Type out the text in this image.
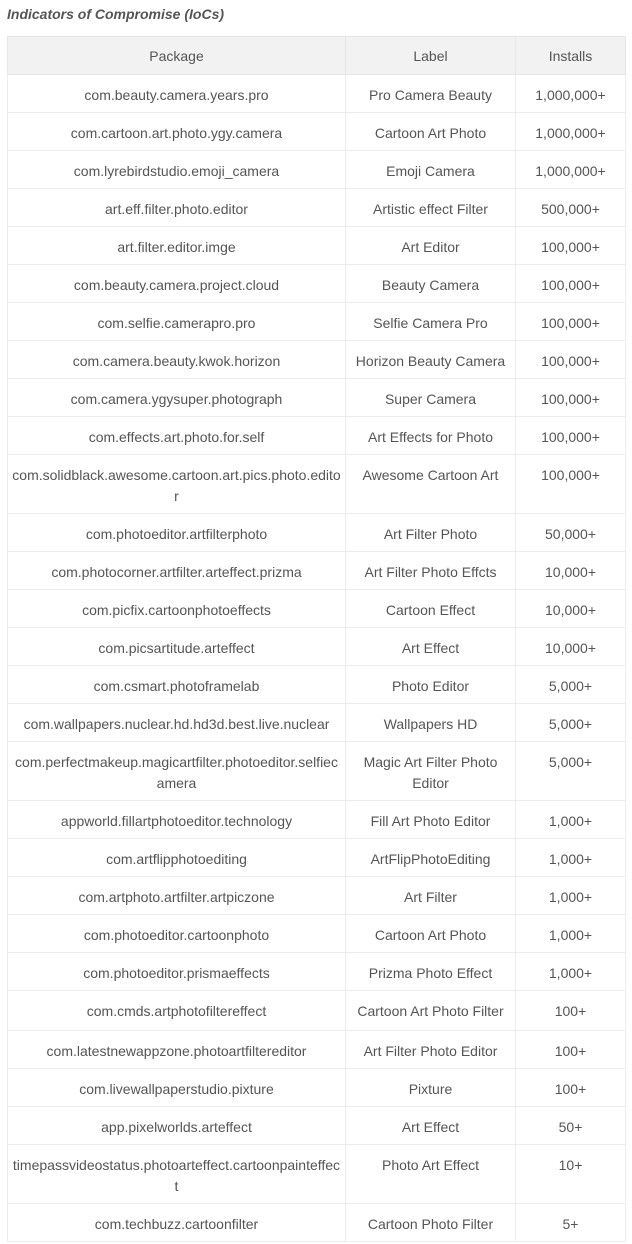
Indicators of Compromise (IoCs)

Package	Label	Installs
com.beauty.camera.years.pro	Pro Camera Beauty	1,000,000+
com.cartoon.art.photo.ygy.camera	Cartoon Art Photo	1,000,000+
com.lyrebirdstudio.emoji_camera	Emoji Camera	1,000,000+
art.eff.filter.photo.editor	Artistic effect Filter	500,000+
art.filter.editor.imge	Art Editor	100,000+
com.beauty.camera.project.cloud	Beauty Camera	100,000+
com.selfie.camerapro.pro	Selfie Camera Pro	100,000+
com.camera.beauty.kwok.horizon	Horizon Beauty Camera	100,000+
com.camera.ygysuper.photograph	Super Camera	100,000+
com.effects.art.photo.for.self	Art Effects for Photo	100,000+
com.solidblack.awesome.cartoon.art.pics.photo.editor	Awesome Cartoon Art	100,000+
com.photoeditor.artfilterphoto	Art Filter Photo	50,000+
com.photocorner.artfilter.arteffect.prizma	Art Filter Photo Effcts	10,000+
com.picfix.cartoonphotoeffects	Cartoon Effect	10,000+
com.picsartitude.arteffect	Art Effect	10,000+
com.csmart.photoframelab	Photo Editor	5,000+
com.wallpapers.nuclear.hd.hd3d.best.live.nuclear	Wallpapers HD	5,000+
com.perfectmakeup.magicartfilter.photoeditor.selfiecamera	Magic Art Filter Photo Editor	5,000+
appworld.fillartphotoeditor.technology	Fill Art Photo Editor	1,000+
com.artflipphotoediting	ArtFlipPhotoEditing	1,000+
com.artphoto.artfilter.artpiczone	Art Filter	1,000+
com.photoeditor.cartoonphoto	Cartoon Art Photo	1,000+
com.photoeditor.prismaeffects	Prizma Photo Effect	1,000+
com.cmds.artphotofiltereffect	Cartoon Art Photo Filter	100+
com.latestnewappzone.photoartfiltereditor	Art Filter Photo Editor	100+
com.livewallpaperstudio.pixture	Pixture	100+
app.pixelworlds.arteffect	Art Effect	50+
timepassvideostatus.photoarteffect.cartoonpainteffect	Photo Art Effect	10+
com.techbuzz.cartoonfilter	Cartoon Photo Filter	5+
